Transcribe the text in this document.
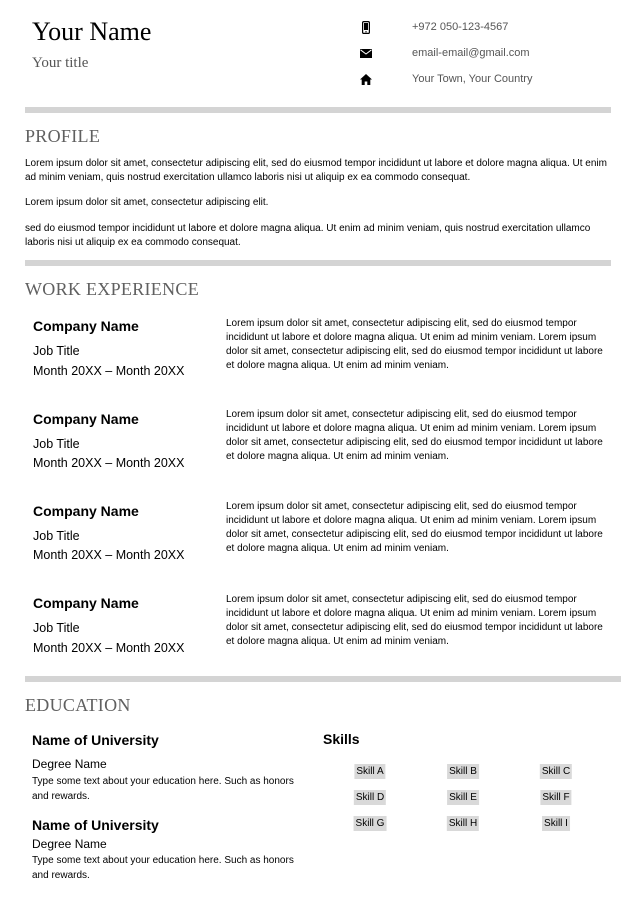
Your Name
Your title
+972 050-123-4567
email-email@gmail.com
Your Town, Your Country
PROFILE
Lorem ipsum dolor sit amet, consectetur adipiscing elit, sed do eiusmod tempor incididunt ut labore et dolore magna aliqua. Ut enim ad minim veniam, quis nostrud exercitation ullamco laboris nisi ut aliquip ex ea commodo consequat.
Lorem ipsum dolor sit amet, consectetur adipiscing elit.
sed do eiusmod tempor incididunt ut labore et dolore magna aliqua. Ut enim ad minim veniam, quis nostrud exercitation ullamco laboris nisi ut aliquip ex ea commodo consequat.
WORK EXPERIENCE
Company Name
Job Title
Month 20XX – Month 20XX
Lorem ipsum dolor sit amet, consectetur adipiscing elit, sed do eiusmod tempor incididunt ut labore et dolore magna aliqua. Ut enim ad minim veniam. Lorem ipsum dolor sit amet, consectetur adipiscing elit, sed do eiusmod tempor incididunt ut labore et dolore magna aliqua. Ut enim ad minim veniam.
Company Name
Job Title
Month 20XX – Month 20XX
Lorem ipsum dolor sit amet, consectetur adipiscing elit, sed do eiusmod tempor incididunt ut labore et dolore magna aliqua. Ut enim ad minim veniam. Lorem ipsum dolor sit amet, consectetur adipiscing elit, sed do eiusmod tempor incididunt ut labore et dolore magna aliqua. Ut enim ad minim veniam.
Company Name
Job Title
Month 20XX – Month 20XX
Lorem ipsum dolor sit amet, consectetur adipiscing elit, sed do eiusmod tempor incididunt ut labore et dolore magna aliqua. Ut enim ad minim veniam. Lorem ipsum dolor sit amet, consectetur adipiscing elit, sed do eiusmod tempor incididunt ut labore et dolore magna aliqua. Ut enim ad minim veniam.
Company Name
Job Title
Month 20XX – Month 20XX
Lorem ipsum dolor sit amet, consectetur adipiscing elit, sed do eiusmod tempor incididunt ut labore et dolore magna aliqua. Ut enim ad minim veniam. Lorem ipsum dolor sit amet, consectetur adipiscing elit, sed do eiusmod tempor incididunt ut labore et dolore magna aliqua. Ut enim ad minim veniam.
EDUCATION
Name of University
Degree Name
Type some text about your education here. Such as honors and rewards.
Name of University
Degree Name
Type some text about your education here. Such as honors and rewards.
Skills
Skill A	Skill B	Skill C
Skill D	Skill E	Skill F
Skill G	Skill H	Skill I
